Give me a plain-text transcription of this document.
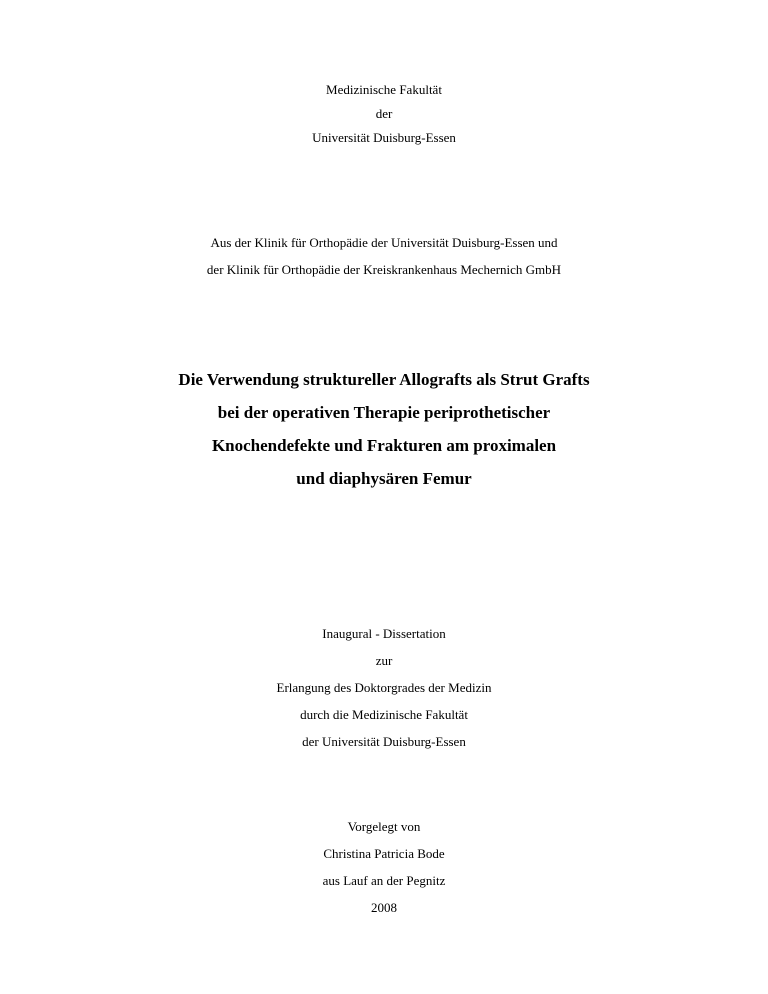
Medizinische Fakultät
der
Universität Duisburg-Essen
Aus der Klinik für Orthopädie der Universität Duisburg-Essen und
der Klinik für Orthopädie der Kreiskrankenhaus Mechernich GmbH
Die Verwendung struktureller Allografts als Strut Grafts
bei der operativen Therapie periprothetischer
Knochendefekte und Frakturen am proximalen
und diaphysären Femur
Inaugural - Dissertation
zur
Erlangung des Doktorgrades der Medizin
durch die Medizinische Fakultät
der Universität Duisburg-Essen
Vorgelegt von
Christina Patricia Bode
aus Lauf an der Pegnitz
2008
